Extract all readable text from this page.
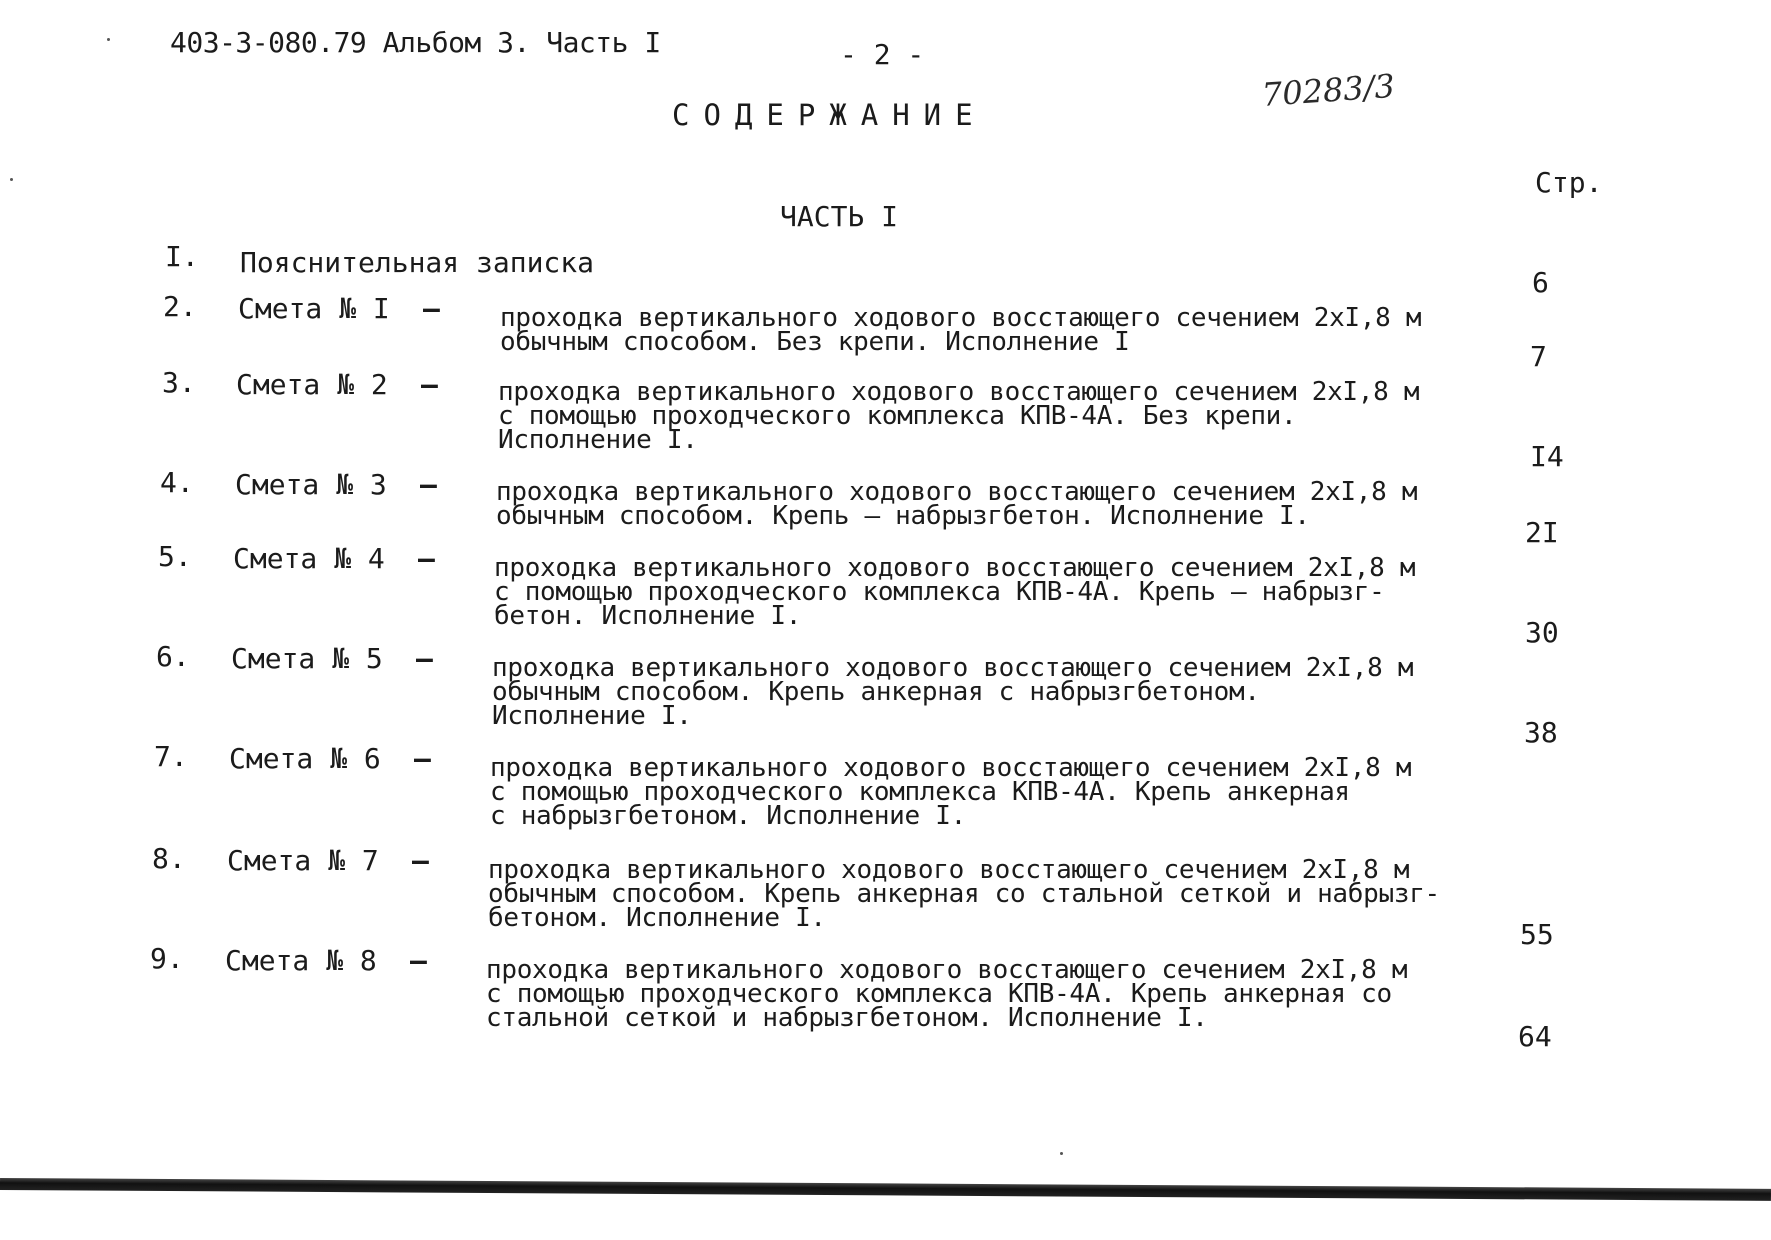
403-3-080.79 Альбом 3. Часть I	- 2 -
70283/3
СОДЕРЖАНИЕ
Стр.
ЧАСТЬ I
I. Пояснительная записка
6
2. Смета № I – проходка вертикального ходового восстающего сечением 2хI,8 м
обычным способом. Без крепи. Исполнение I	7
3. Смета № 2 – проходка вертикального ходового восстающего сечением 2хI,8 м
с помощью проходческого комплекса КПВ-4А. Без крепи.
Исполнение I.	I4
4. Смета № 3 – проходка вертикального ходового восстающего сечением 2хI,8 м
обычным способом. Крепь – набрызгбетон. Исполнение I.	2I
5. Смета № 4 – проходка вертикального ходового восстающего сечением 2хI,8 м
с помощью проходческого комплекса КПВ-4А. Крепь – набрызг-
бетон. Исполнение I.	30
6. Смета № 5 – проходка вертикального ходового восстающего сечением 2хI,8 м
обычным способом. Крепь анкерная с набрызгбетоном.
Исполнение I.	38
7. Смета № 6 – проходка вертикального ходового восстающего сечением 2хI,8 м
с помощью проходческого комплекса КПВ-4А. Крепь анкерная
с набрызгбетоном. Исполнение I.
8. Смета № 7 – проходка вертикального ходового восстающего сечением 2хI,8 м
обычным способом. Крепь анкерная со стальной сеткой и набрызг-
бетоном. Исполнение I.	55
9. Смета № 8 – проходка вертикального ходового восстающего сечением 2хI,8 м
с помощью проходческого комплекса КПВ-4А. Крепь анкерная со
стальной сеткой и набрызгбетоном. Исполнение I.
64
